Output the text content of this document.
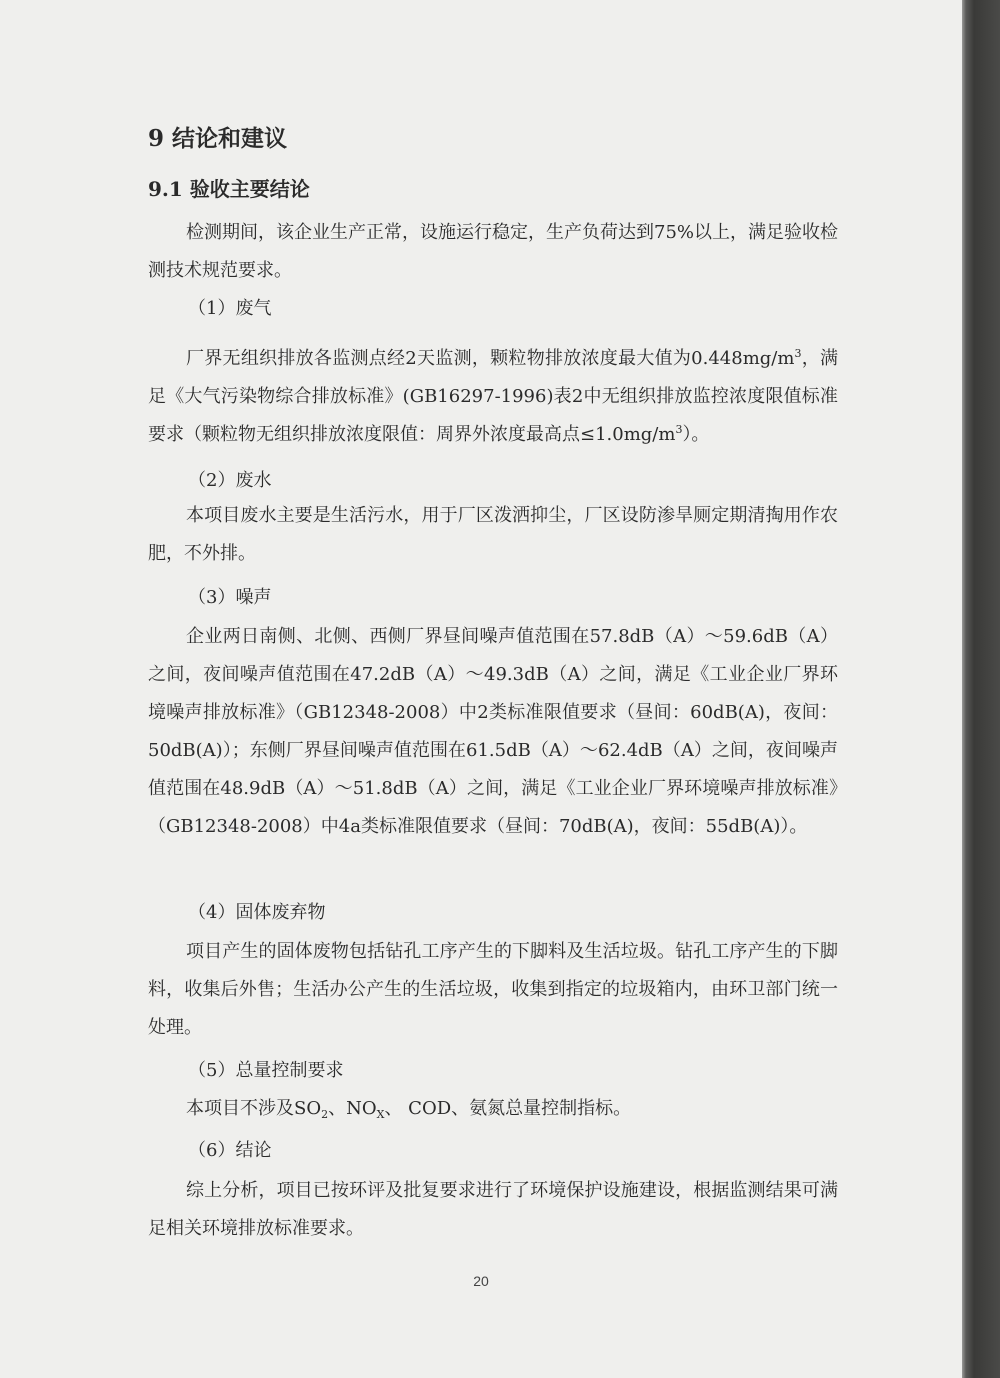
9 结论和建议
9.1 验收主要结论

检测期间，该企业生产正常，设施运行稳定，生产负荷达到75%以上，满足验收检测技术规范要求。

（1）废气

厂界无组织排放各监测点经2天监测，颗粒物排放浓度最大值为$0.448mg/m^3$，满足《大气污染物综合排放标准》(GB16297-1996)表2中无组织排放监控浓度限值标准要求（颗粒物无组织排放浓度限值：周界外浓度最高点$\le 1.0mg/m^3$）。

（2）废水

本项目废水主要是生活污水，用于厂区泼洒抑尘，厂区设防渗旱厕定期清掏用作农肥，不外排。

（3）噪声

企业两日南侧、北侧、西侧厂界昼间噪声值范围在57.8dB（A）～59.6dB（A）之间，夜间噪声值范围在47.2dB（A）～49.3dB（A）之间，满足《工业企业厂界环境噪声排放标准》（GB12348-2008）中2类标准限值要求（昼间：60dB(A)，夜间：50dB(A)）；东侧厂界昼间噪声值范围在61.5dB（A）～62.4dB（A）之间，夜间噪声值范围在48.9dB（A）～51.8dB（A）之间，满足《工业企业厂界环境噪声排放标准》（GB12348-2008）中4a类标准限值要求（昼间：70dB(A)，夜间：55dB(A)）。

（4）固体废弃物

项目产生的固体废物包括钻孔工序产生的下脚料及生活垃圾。钻孔工序产生的下脚料，收集后外售；生活办公产生的生活垃圾，收集到指定的垃圾箱内，由环卫部门统一处理。

（5）总量控制要求

本项目不涉及$SO_2$、$NO_X$、 COD、氨氮总量控制指标。

（6）结论

综上分析，项目已按环评及批复要求进行了环境保护设施建设，根据监测结果可满足相关环境排放标准要求。

20
